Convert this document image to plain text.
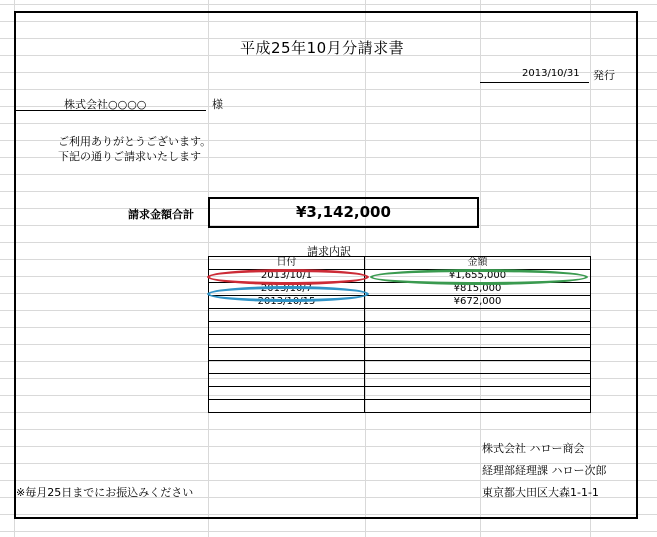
平成25年10月分請求書
2013/10/31 発行
株式会社○○○○	様
ご利用ありがとうございます。
下記の通りご請求いたします
請求金額合計	¥3,142,000
請求内訳
日付	金額
2013/10/1	¥1,655,000
2013/10/7	¥815,000
2013/10/15	¥672,000

株式会社 ハロー商会
経理部経理課 ハロー次郎
東京都大田区大森1-1-1
※毎月25日までにお振込みください
